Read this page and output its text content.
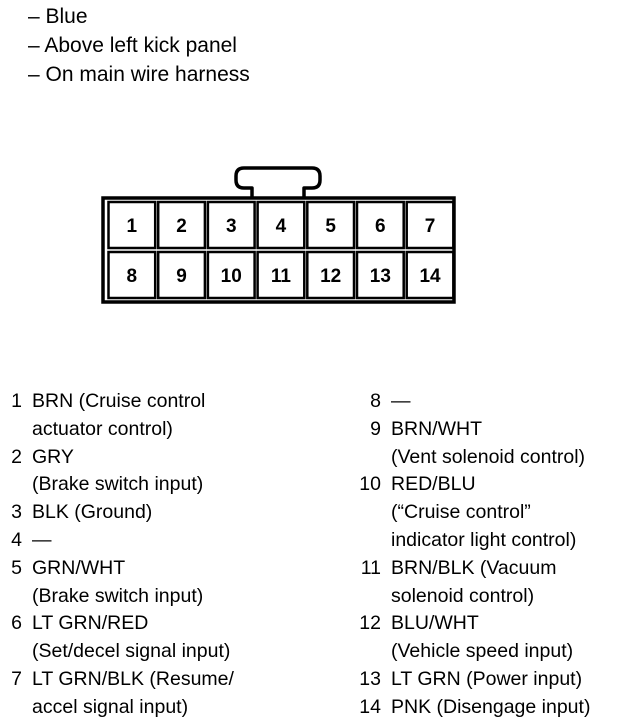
– Blue
– Above left kick panel
– On main wire harness
1 2 3 4 5 6 7
8 9 10 11 12 13 14
1 BRN (Cruise control
actuator control)
2 GRY
(Brake switch input)
3 BLK (Ground)
4 —
5 GRN/WHT
(Brake switch input)
6 LT GRN/RED
(Set/decel signal input)
7 LT GRN/BLK (Resume/
accel signal input)
8 —
9 BRN/WHT
(Vent solenoid control)
10 RED/BLU
(“Cruise control”
indicator light control)
11 BRN/BLK (Vacuum
solenoid control)
12 BLU/WHT
(Vehicle speed input)
13 LT GRN (Power input)
14 PNK (Disengage input)
